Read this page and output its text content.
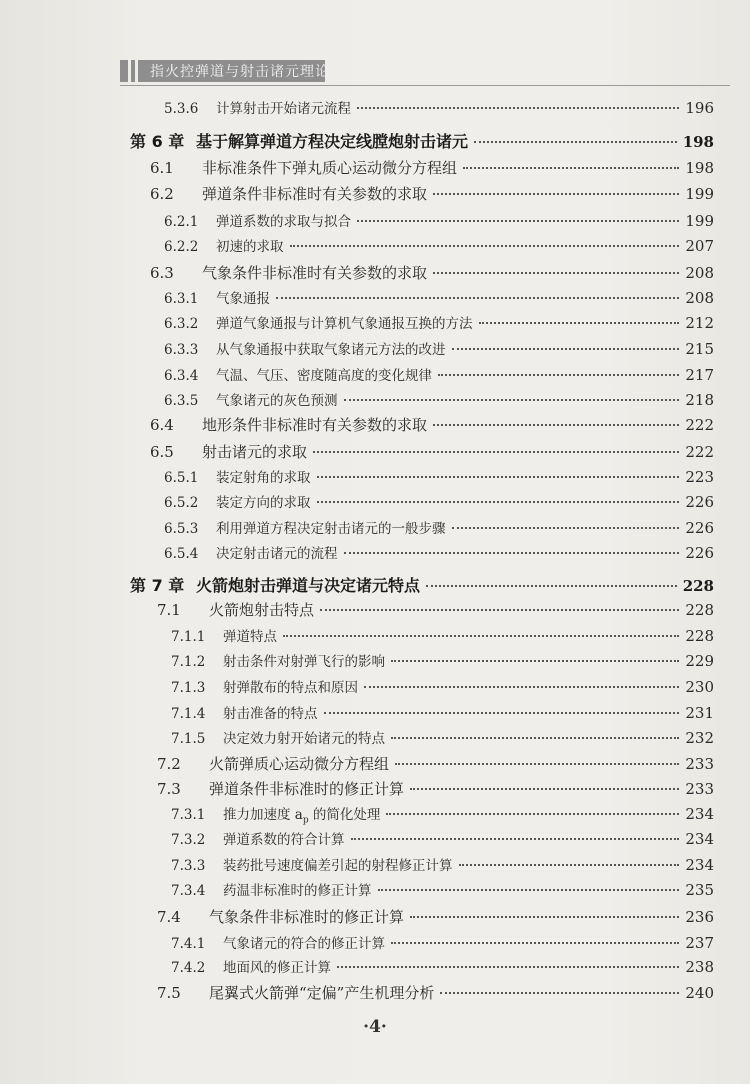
指火控弹道与射击诸元理论
5.3.6	计算射击开始诸元流程	196
第 6 章 基于解算弹道方程决定线膛炮射击诸元	198
6.1	非标准条件下弹丸质心运动微分方程组	198
6.2	弹道条件非标准时有关参数的求取	199
6.2.1	弹道系数的求取与拟合	199
6.2.2	初速的求取	207
6.3	气象条件非标准时有关参数的求取	208
6.3.1	气象通报	208
6.3.2	弹道气象通报与计算机气象通报互换的方法	212
6.3.3	从气象通报中获取气象诸元方法的改进	215
6.3.4	气温、气压、密度随高度的变化规律	217
6.3.5	气象诸元的灰色预测	218
6.4	地形条件非标准时有关参数的求取	222
6.5	射击诸元的求取	222
6.5.1	装定射角的求取	223
6.5.2	装定方向的求取	226
6.5.3	利用弹道方程决定射击诸元的一般步骤	226
6.5.4	决定射击诸元的流程	226
第 7 章 火箭炮射击弹道与决定诸元特点	228
7.1	火箭炮射击特点	228
7.1.1	弹道特点	228
7.1.2	射击条件对射弹飞行的影响	229
7.1.3	射弹散布的特点和原因	230
7.1.4	射击准备的特点	231
7.1.5	决定效力射开始诸元的特点	232
7.2	火箭弹质心运动微分方程组	233
7.3	弹道条件非标准时的修正计算	233
7.3.1	推力加速度 $a_p$ 的简化处理	234
7.3.2	弹道系数的符合计算	234
7.3.3	装药批号速度偏差引起的射程修正计算	234
7.3.4	药温非标准时的修正计算	235
7.4	气象条件非标准时的修正计算	236
7.4.1	气象诸元的符合的修正计算	237
7.4.2	地面风的修正计算	238
7.5	尾翼式火箭弹“定偏”产生机理分析	240
·4·
